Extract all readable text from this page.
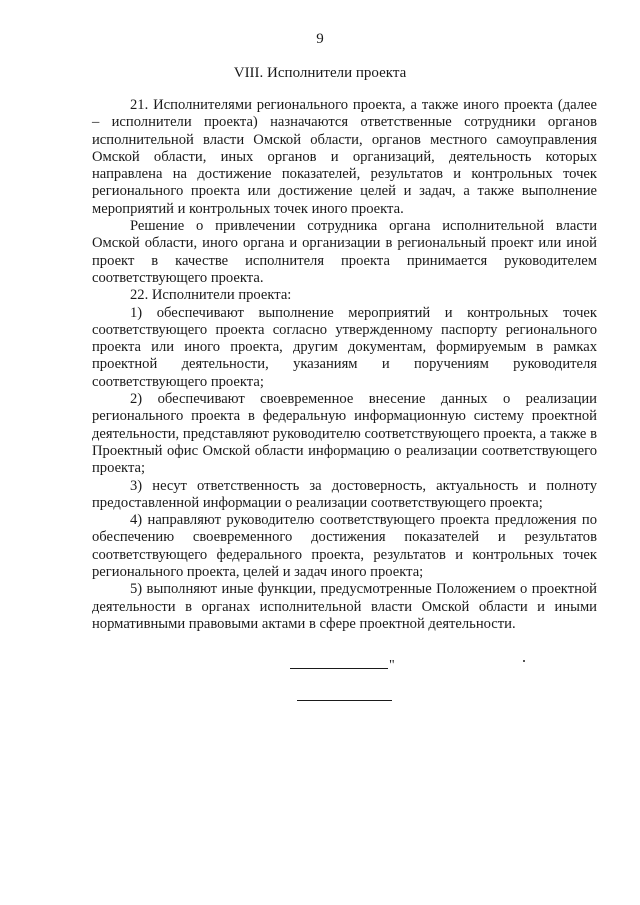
9
VIII. Исполнители проекта

21. Исполнителями регионального проекта, а также иного проекта (далее – исполнители проекта) назначаются ответственные сотрудники органов исполнительной власти Омской области, органов местного самоуправления Омской области, иных органов и организаций, деятельность которых направлена на достижение показателей, результатов и контрольных точек регионального проекта или достижение целей и задач, а также выполнение мероприятий и контрольных точек иного проекта.

Решение о привлечении сотрудника органа исполнительной власти Омской области, иного органа и организации в региональный проект или иной проект в качестве исполнителя проекта принимается руководителем соответствующего проекта.

22. Исполнители проекта:

1) обеспечивают выполнение мероприятий и контрольных точек соответствующего проекта согласно утвержденному паспорту регионального проекта или иного проекта, другим документам, формируемым в рамках проектной деятельности, указаниям и поручениям руководителя соответствующего проекта;

2) обеспечивают своевременное внесение данных о реализации регионального проекта в федеральную информационную систему проектной деятельности, представляют руководителю соответствующего проекта, а также в Проектный офис Омской области информацию о реализации соответствующего проекта;

3) несут ответственность за достоверность, актуальность и полноту предоставленной информации о реализации соответствующего проекта;

4) направляют руководителю соответствующего проекта предложения по обеспечению своевременного достижения показателей и результатов соответствующего федерального проекта, результатов и контрольных точек регионального проекта, целей и задач иного проекта;

5) выполняют иные функции, предусмотренные Положением о проектной деятельности в органах исполнительной власти Омской области и иными нормативными правовыми актами в сфере проектной деятельности.

"
